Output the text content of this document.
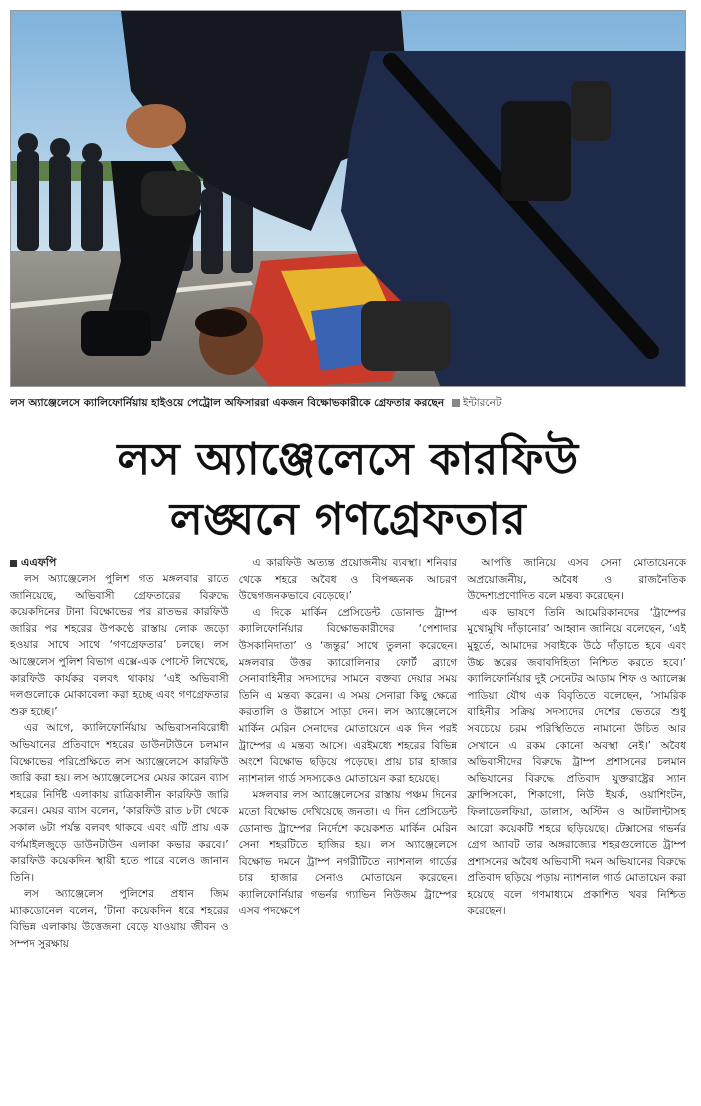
লস অ্যাঞ্জেলেসে ক্যালিফোর্নিয়ায় হাইওয়ে পেট্রোল অফিসাররা একজন বিক্ষোভকারীকে গ্রেফতার করছেন ইন্টারনেট
লস অ্যাঞ্জেলেসে কারফিউ
লঙ্ঘনে গণগ্রেফতার
এএফপি

লস অ্যাঞ্জেলেস পুলিশ গত মঙ্গলবার রাতে জানিয়েছে, অভিবাসী গ্রেফতারের বিরুদ্ধে কয়েকদিনের টানা বিক্ষোভের পর রাতভর কারফিউ জারির পর শহরের উপকণ্ঠে রাস্তায় লোক জড়ো হওয়ার সাথে সাথে ‘গণগ্রেফতার’ চলছে। লস আঞ্জেলেস পুলিশ বিভাগ এক্সে-এক পোস্টে লিখেছে, কারফিউ কার্যকর বলবৎ থাকায় ‘এই অভিবাসী দলগুলোকে মোকাবেলা করা হচ্ছে এবং গণগ্রেফতার শুরু হচ্ছে।’

এর আগে, ক্যালিফোর্নিয়ায় অভিবাসনবিরোধী অভিযানের প্রতিবাদে শহরের ডাউনটাউনে চলমান বিক্ষোভের পরিপ্রেক্ষিতে লস অ্যাঞ্জেলেসে কারফিউ জারি করা হয়। লস অ্যাঞ্জেলেসের মেয়র কারেন ব্যাস শহরের নির্দিষ্ট এলাকায় রাত্রিকালীন কারফিউ জারি করেন। মেয়র ব্যাস বলেন, ‘কারফিউ রাত ৮টা থেকে সকাল ৬টা পর্যন্ত বলবৎ থাকবে এবং এটি প্রায় এক বর্গমাইলজুড়ে ডাউনটাউন এলাকা কভার করবে।’ কারফিউ কয়েকদিন স্থায়ী হতে পারে বলেও জানান তিনি।

লস অ্যাঞ্জেলেস পুলিশের প্রধান জিম ম্যাকডোনেল বলেন, ‘টানা কয়েকদিন ধরে শহরের বিভিন্ন এলাকায় উত্তেজনা বেড়ে যাওয়ায় জীবন ও সম্পদ সুরক্ষায়

এ কারফিউ অত্যন্ত প্রয়োজনীয় ব্যবস্থা। শনিবার থেকে শহরে অবৈধ ও বিপজ্জনক আচরণ উদ্বেগজনকভাবে বেড়েছে।’

এ দিকে মার্কিন প্রেসিডেন্ট ডোনাল্ড ট্রাম্প ক্যালিফোর্নিয়ার বিক্ষোভকারীদের ‘পেশাদার উসকানিদাতা’ ও ‘জন্তুর’ সাথে তুলনা করেছেন। মঙ্গলবার উত্তর ক্যারোলিনার ফোর্ট ব্র্যাগে সেনাবাহিনীর সদস্যদের সামনে বক্তব্য দেয়ার সময় তিনি এ মন্তব্য করেন। এ সময় সেনারা কিছু ক্ষেত্রে করতালি ও উল্লাসে সাড়া দেন। লস অ্যাঞ্জেলেসে মার্কিন মেরিন সেনাদের মোতায়েনে এক দিন পরই ট্রাম্পের এ মন্তব্য আসে। এরইমধ্যে শহরের বিভিন্ন অংশে বিক্ষোভ ছড়িয়ে পড়েছে। প্রায় চার হাজার ন্যাশনাল গার্ড সদস্যকেও মোতায়েন করা হয়েছে।

মঙ্গলবার লস অ্যাঞ্জেলেসের রাস্তায় পঞ্চম দিনের মতো বিক্ষোভ দেখিয়েছে জনতা। এ দিন প্রেসিডেন্ট ডোনাল্ড ট্রাম্পের নির্দেশে কয়েকশত মার্কিন মেরিন সেনা শহরটিতে হাজির হয়। লস অ্যাঞ্জেলেসে বিক্ষোভ দমনে ট্রাম্প নগরীটিতে ন্যাশনাল গার্ডের চার হাজার সেনাও মোতায়েন করেছেন। ক্যালিফোর্নিয়ার গভর্নর গ্যাভিন নিউজম ট্রাম্পের এসব পদক্ষেপে

আপত্তি জানিয়ে এসব সেনা মোতায়েনকে অপ্রয়োজনীয়, অবৈধ ও রাজনৈতিক উদ্দেশ্যপ্রণোদিত বলে মন্তব্য করেছেন।

এক ভাষণে তিনি আমেরিকানদের ‘ট্রাম্পের মুখোমুখি দাঁড়ানোর’ আহ্বান জানিয়ে বলেছেন, ‘এই মুহূর্তে, আমাদের সবাইকে উঠে দাঁড়াতে হবে এবং উচ্চ স্তরের জবাবদিহিতা নিশ্চিত করতে হবে।’ ক্যালিফোর্নিয়ার দুই সেনেটর আডাম শিফ ও অ্যালেক্স পাডিয়া যৌথ এক বিবৃতিতে বলেছেন, ‘সামরিক বাহিনীর সক্রিয় সদস্যদের দেশের ভেতরে শুধু সবচেয়ে চরম পরিস্থিতিতে নামানো উচিত আর সেখানে এ রকম কোনো অবস্থা নেই।’ অবৈধ অভিবাসীদের বিরুদ্ধে ট্রাম্প প্রশাসনের চলমান অভিযানের বিরুদ্ধে প্রতিবাদ যুক্তরাষ্ট্রের স্যান ফ্রান্সিসকো, শিকাগো, নিউ ইয়র্ক, ওয়াশিংটন, ফিলাডেলফিয়া, ডালাস, অস্টিন ও আটলান্টাসহ আরো কয়েকটি শহরে ছড়িয়েছে। টেক্সাসের গভর্নর গ্রেগ অ্যাবট তার অঙ্গরাজ্যের শহরগুলোতে ট্রাম্প প্রশাসনের অবৈধ অভিবাসী দমন অভিযানের বিরুদ্ধে প্রতিবাদ ছড়িয়ে পড়ায় ন্যাশনাল গার্ড মোতায়েন করা হয়েছে বলে গণমাধ্যমে প্রকাশিত খবর নিশ্চিত করেছেন।
